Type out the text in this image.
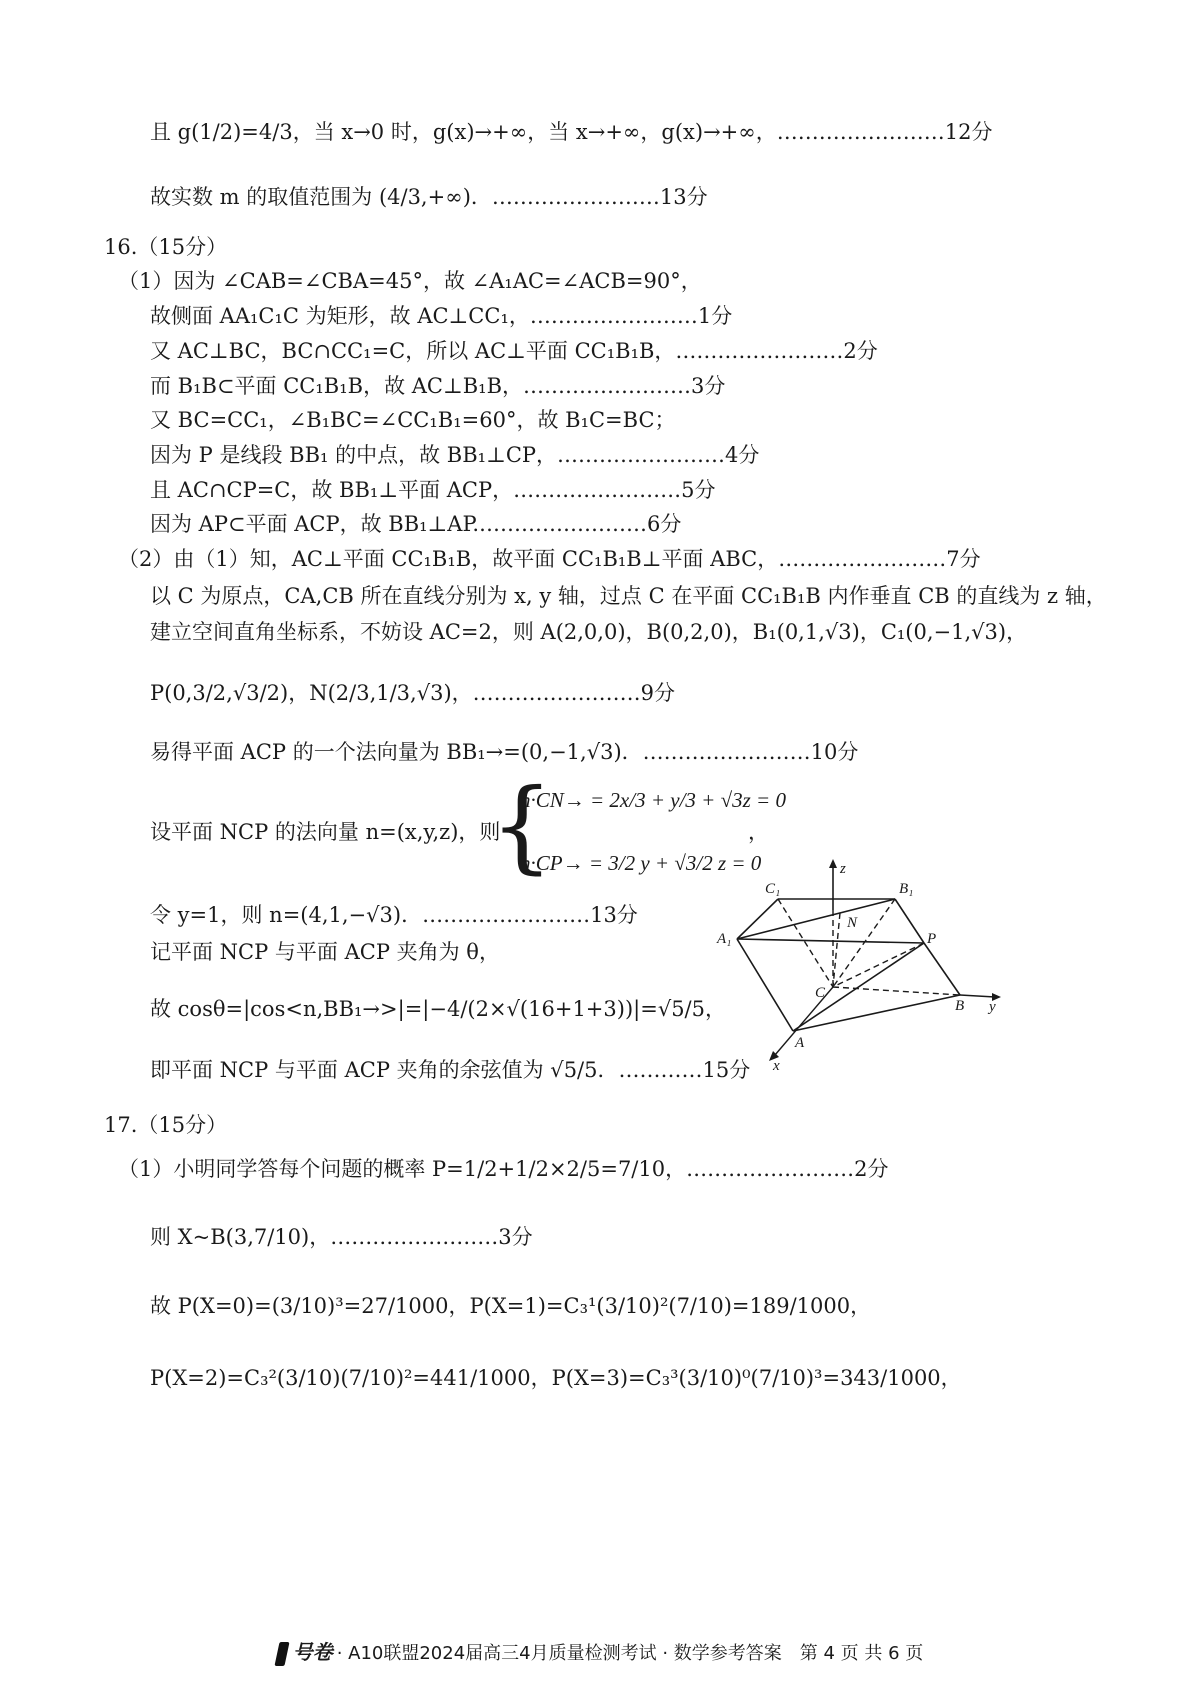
且 g(1/2)=4/3，当 x→0 时，g(x)→+∞，当 x→+∞，g(x)→+∞，……………………12分
故实数 m 的取值范围为 (4/3,+∞)．……………………13分
16.（15分）
（1）因为 ∠CAB=∠CBA=45°，故 ∠A₁AC=∠ACB=90°，
故侧面 AA₁C₁C 为矩形，故 AC⊥CC₁，……………………1分
又 AC⊥BC，BC∩CC₁=C，所以 AC⊥平面 CC₁B₁B，……………………2分
而 B₁B⊂平面 CC₁B₁B，故 AC⊥B₁B，……………………3分
又 BC=CC₁，∠B₁BC=∠CC₁B₁=60°，故 B₁C=BC；
因为 P 是线段 BB₁ 的中点，故 BB₁⊥CP，……………………4分
且 AC∩CP=C，故 BB₁⊥平面 ACP，……………………5分
因为 AP⊂平面 ACP，故 BB₁⊥AP.……………………6分
（2）由（1）知，AC⊥平面 CC₁B₁B，故平面 CC₁B₁B⊥平面 ABC，……………………7分
以 C 为原点，CA,CB 所在直线分别为 x, y 轴，过点 C 在平面 CC₁B₁B 内作垂直 CB 的直线为 z 轴，
建立空间直角坐标系，不妨设 AC=2，则 A(2,0,0)，B(0,2,0)，B₁(0,1,√3)，C₁(0,−1,√3)，
P(0,3/2,√3/2)，N(2/3,1/3,√3)，……………………9分
易得平面 ACP 的一个法向量为 BB₁→=(0,−1,√3)．……………………10分
设平面 NCP 的法向量 n=(x,y,z)，则
{
n·CN→ = 2x/3 + y/3 + √3z = 0
n·CP→ = 3/2 y + √3/2 z = 0
，
令 y=1，则 n=(4,1,−√3)．……………………13分
记平面 NCP 与平面 ACP 夹角为 θ，
故 cosθ=|cos<n,BB₁→>|=|−4/(2×√(16+1+3))|=√5/5，
即平面 NCP 与平面 ACP 夹角的余弦值为 √5/5．…………15分
C₁	B₁
A₁
N
P
C
B
A
z
y
x
17.（15分）
（1）小明同学答每个问题的概率 P=1/2+1/2×2/5=7/10，……………………2分
则 X~B(3,7/10)，……………………3分
故 P(X=0)=(3/10)³=27/1000，P(X=1)=C₃¹(3/10)²(7/10)=189/1000，
P(X=2)=C₃²(3/10)(7/10)²=441/1000，P(X=3)=C₃³(3/10)⁰(7/10)³=343/1000，
号卷 · A10联盟2024届高三4月质量检测考试 · 数学参考答案　第 4 页 共 6 页
